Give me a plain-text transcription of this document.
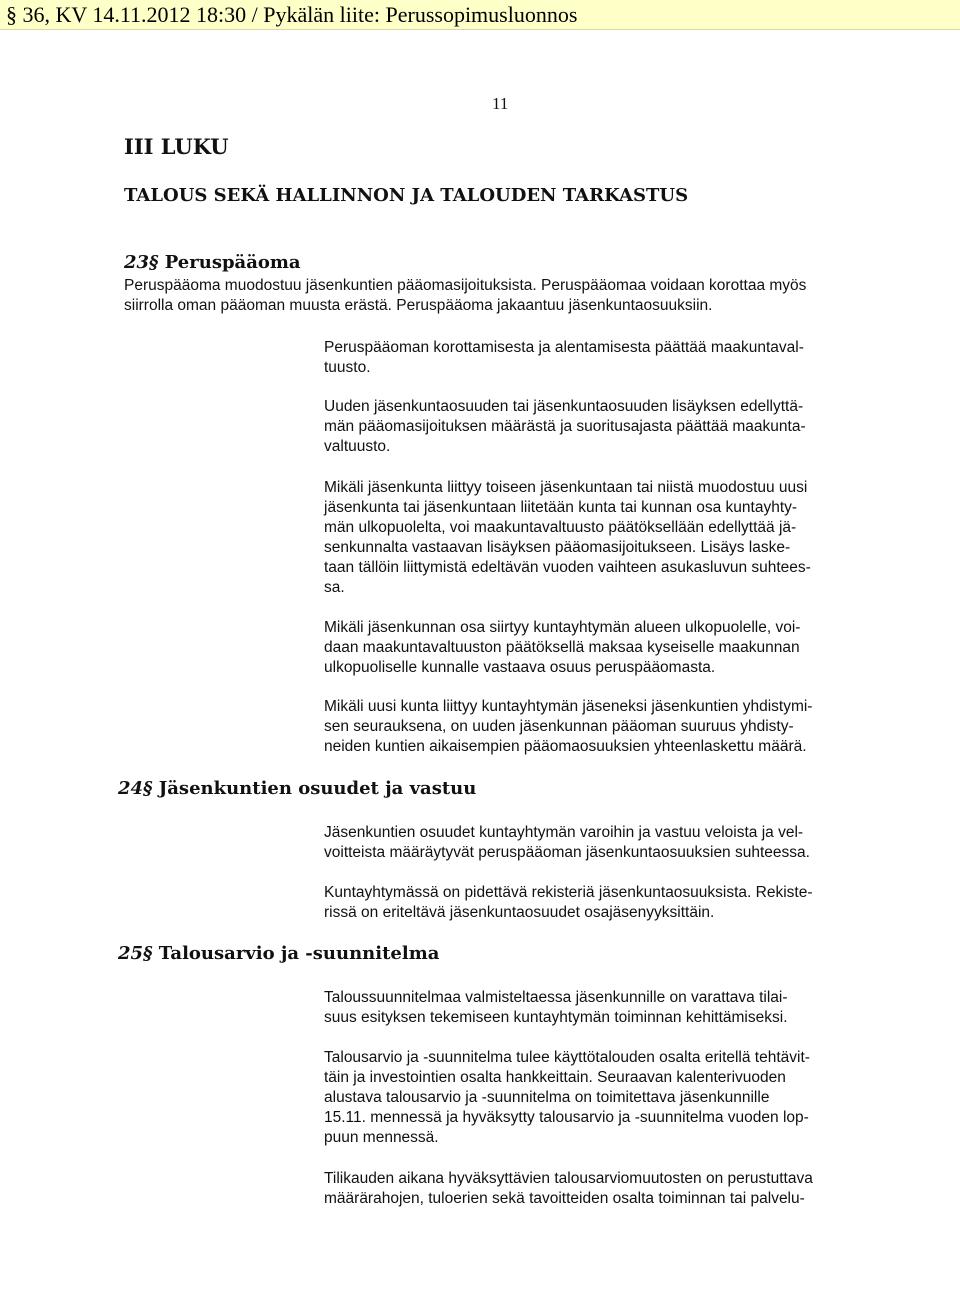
§ 36, KV 14.11.2012 18:30 / Pykälän liite: Perussopimusluonnos
11
III LUKU
TALOUS SEKÄ HALLINNON JA TALOUDEN TARKASTUS
23§ Peruspääoma
Peruspääoma muodostuu jäsenkuntien pääomasijoituksista. Peruspääomaa voidaan korottaa myös
siirrolla oman pääoman muusta erästä. Peruspääoma jakaantuu jäsenkuntaosuuksiin.
Peruspääoman korottamisesta ja alentamisesta päättää maakuntaval-
tuusto.
Uuden jäsenkuntaosuuden tai jäsenkuntaosuuden lisäyksen edellyttä-
män pääomasijoituksen määrästä ja suoritusajasta päättää maakunta-
valtuusto.
Mikäli jäsenkunta liittyy toiseen jäsenkuntaan tai niistä muodostuu uusi
jäsenkunta tai jäsenkuntaan liitetään kunta tai kunnan osa kuntayhty-
män ulkopuolelta, voi maakuntavaltuusto päätöksellään edellyttää jä-
senkunnalta vastaavan lisäyksen pääomasijoitukseen. Lisäys laske-
taan tällöin liittymistä edeltävän vuoden vaihteen asukasluvun suhtees-
sa.
Mikäli jäsenkunnan osa siirtyy kuntayhtymän alueen ulkopuolelle, voi-
daan maakuntavaltuuston päätöksellä maksaa kyseiselle maakunnan
ulkopuoliselle kunnalle vastaava osuus peruspääomasta.
Mikäli uusi kunta liittyy kuntayhtymän jäseneksi jäsenkuntien yhdistymi-
sen seurauksena, on uuden jäsenkunnan pääoman suuruus yhdisty-
neiden kuntien aikaisempien pääomaosuuksien yhteenlaskettu määrä.
24§ Jäsenkuntien osuudet ja vastuu
Jäsenkuntien osuudet kuntayhtymän varoihin ja vastuu veloista ja vel-
voitteista määräytyvät peruspääoman jäsenkuntaosuuksien suhteessa.
Kuntayhtymässä on pidettävä rekisteriä jäsenkuntaosuuksista. Rekiste-
rissä on eriteltävä jäsenkuntaosuudet osajäsenyyksittäin.
25§ Talousarvio ja -suunnitelma
Taloussuunnitelmaa valmisteltaessa jäsenkunnille on varattava tilai-
suus esityksen tekemiseen kuntayhtymän toiminnan kehittämiseksi.
Talousarvio ja -suunnitelma tulee käyttötalouden osalta eritellä tehtävit-
täin ja investointien osalta hankkeittain. Seuraavan kalenterivuoden
alustava talousarvio ja -suunnitelma on toimitettava jäsenkunnille
15.11. mennessä ja hyväksytty talousarvio ja -suunnitelma vuoden lop-
puun mennessä.
Tilikauden aikana hyväksyttävien talousarviomuutosten on perustuttava
määrärahojen, tuloerien sekä tavoitteiden osalta toiminnan tai palvelu-
